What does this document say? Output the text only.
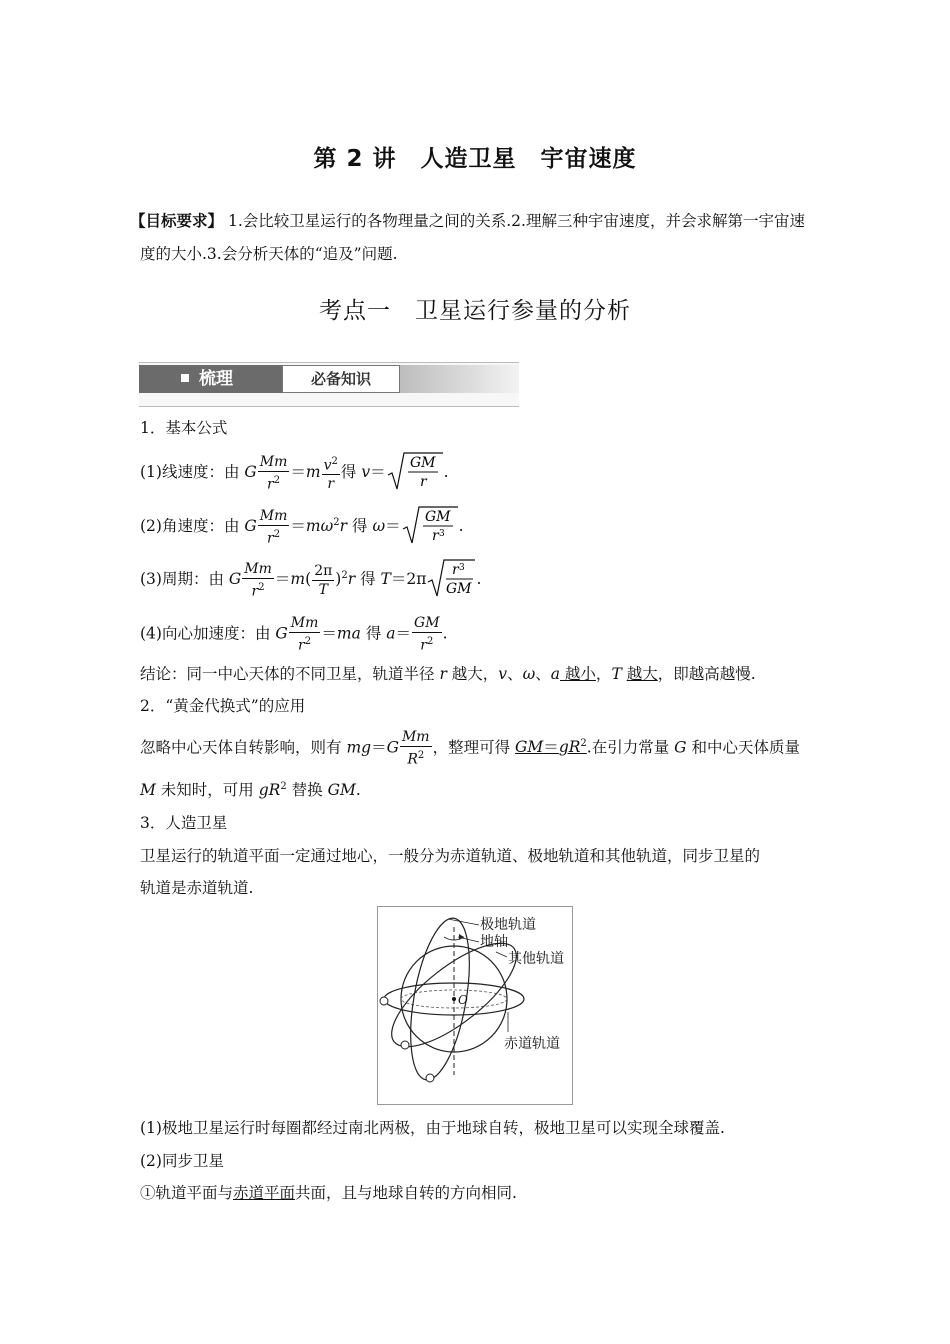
第 2 讲　人造卫星　宇宙速度
【目标要求】 1.会比较卫星运行的各物理量之间的关系.2.理解三种宇宙速度，并会求解第一宇宙速度的大小.3.会分析天体的“追及”问题.
考点一　卫星运行参量的分析
梳理	必备知识
1．基本公式
(1)线速度：由 G $\frac{Mm}{r^2} =m \frac{v^2}{r}$ 得 v＝ GM
r
.
(2)角速度：由 G $\frac{Mm}{r^2} =m\omega^2r$ 得 ω＝ GM
r 3 .
(3)周期：由 G $\frac{Mm}{r^2} =m( \frac{2\pi}{T} )^2r$ 得 T＝2π r 3
GM
.
(4)向心加速度：由 G $\frac{Mm}{r^2} =ma$ 得 $a= \frac{GM}{r^2}$ .
结论：同一中心天体的不同卫星，轨道半径 r 越大，v、ω、a 越小，T 越大，即越高越慢.
2．“黄金代换式”的应用
忽略中心天体自转影响，则有 $mg=G \frac{Mm}{R^2}$ ，整理可得 $GM=gR^2$.在引力常量 G 和中心天体质量
M 未知时，可用 $gR^2$ 替换 GM.
3．人造卫星
卫星运行的轨道平面一定通过地心，一般分为赤道轨道、极地轨道和其他轨道，同步卫星的
轨道是赤道轨道.
O
极地轨道
地轴
其他轨道
赤道轨道
(1)极地卫星运行时每圈都经过南北两极，由于地球自转，极地卫星可以实现全球覆盖.
(2)同步卫星
①轨道平面与赤道平面共面，且与地球自转的方向相同.
